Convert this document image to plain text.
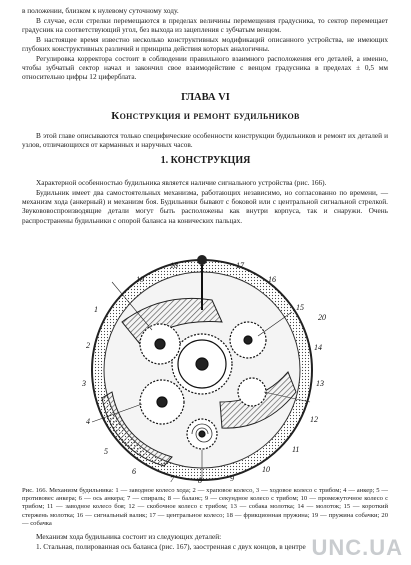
в положении, близком к нулевому суточному ходу.

В случае, если стрелки перемещаются в пределах величины перемещения градусника, то сектор перемещает градусник на соответствующий угол, без выхода из зацепления с зубчатым венцом.

В настоящее время известно несколько конструктивных модификаций описанного устройства, не имеющих глубоких конструктивных различий и принципа действия которых аналогичны.

Регулировка корректора состоит в соблюдении правильного взаимного расположения его деталей, а именно, чтобы зубчатый сектор начал и закончил свое взаимодействие с венцом градусника в пределах ± 0,5 мм относительно цифры 12 циферблата.

ГЛАВА VI

Конструкция и ремонт будильников

В этой главе описываются только специфические особенности конструкции будильников и ремонт их деталей и узлов, отличающихся от карманных и наручных часов.

1. КОНСТРУКЦИЯ

Характерной особенностью будильника является наличие сигнального устройства (рис. 166).

Будильник имеет два самостоятельных механизма, работающих независимо, но согласованно по времени, — механизм хода (анкерный) и механизм боя. Будильники бывают с боковой или с центральной сигнальной стрелкой. Звукововоспроизводящие детали могут быть расположены как внутри корпуса, так и снаружи. Очень распространены будильники с опорой баланса на конических пальцах.

1
2
3
4
5
6
7	8	9
10
11
12
13
14
15
16
17
18
19
20

Рис. 166. Механизм будильника: 1 — заводное колесо хода; 2 — храповое колесо, 3 — ходовое колесо с трибом; 4 — анкер; 5 — противовес анкера; 6 — ось анкера; 7 — спираль; 8 — баланс; 9 — секундное колесо с трибом; 10 — промежуточное колесо с трибом; 11 — заводное колесо боя; 12 — скобочное колесо с трибом; 13 — собака молотка; 14 — молоток; 15 — короткий стержень молотка; 16 — сигнальный валик; 17 — центральное колесо; 18 — фрикционная пружина; 19 — пружина собачки; 20 — собачка

Механизм хода будильника состоит из следующих деталей:

1. Стальная, полированная ось баланса (рис. 167), заостренная с двух концов, в центре UNC.UA
